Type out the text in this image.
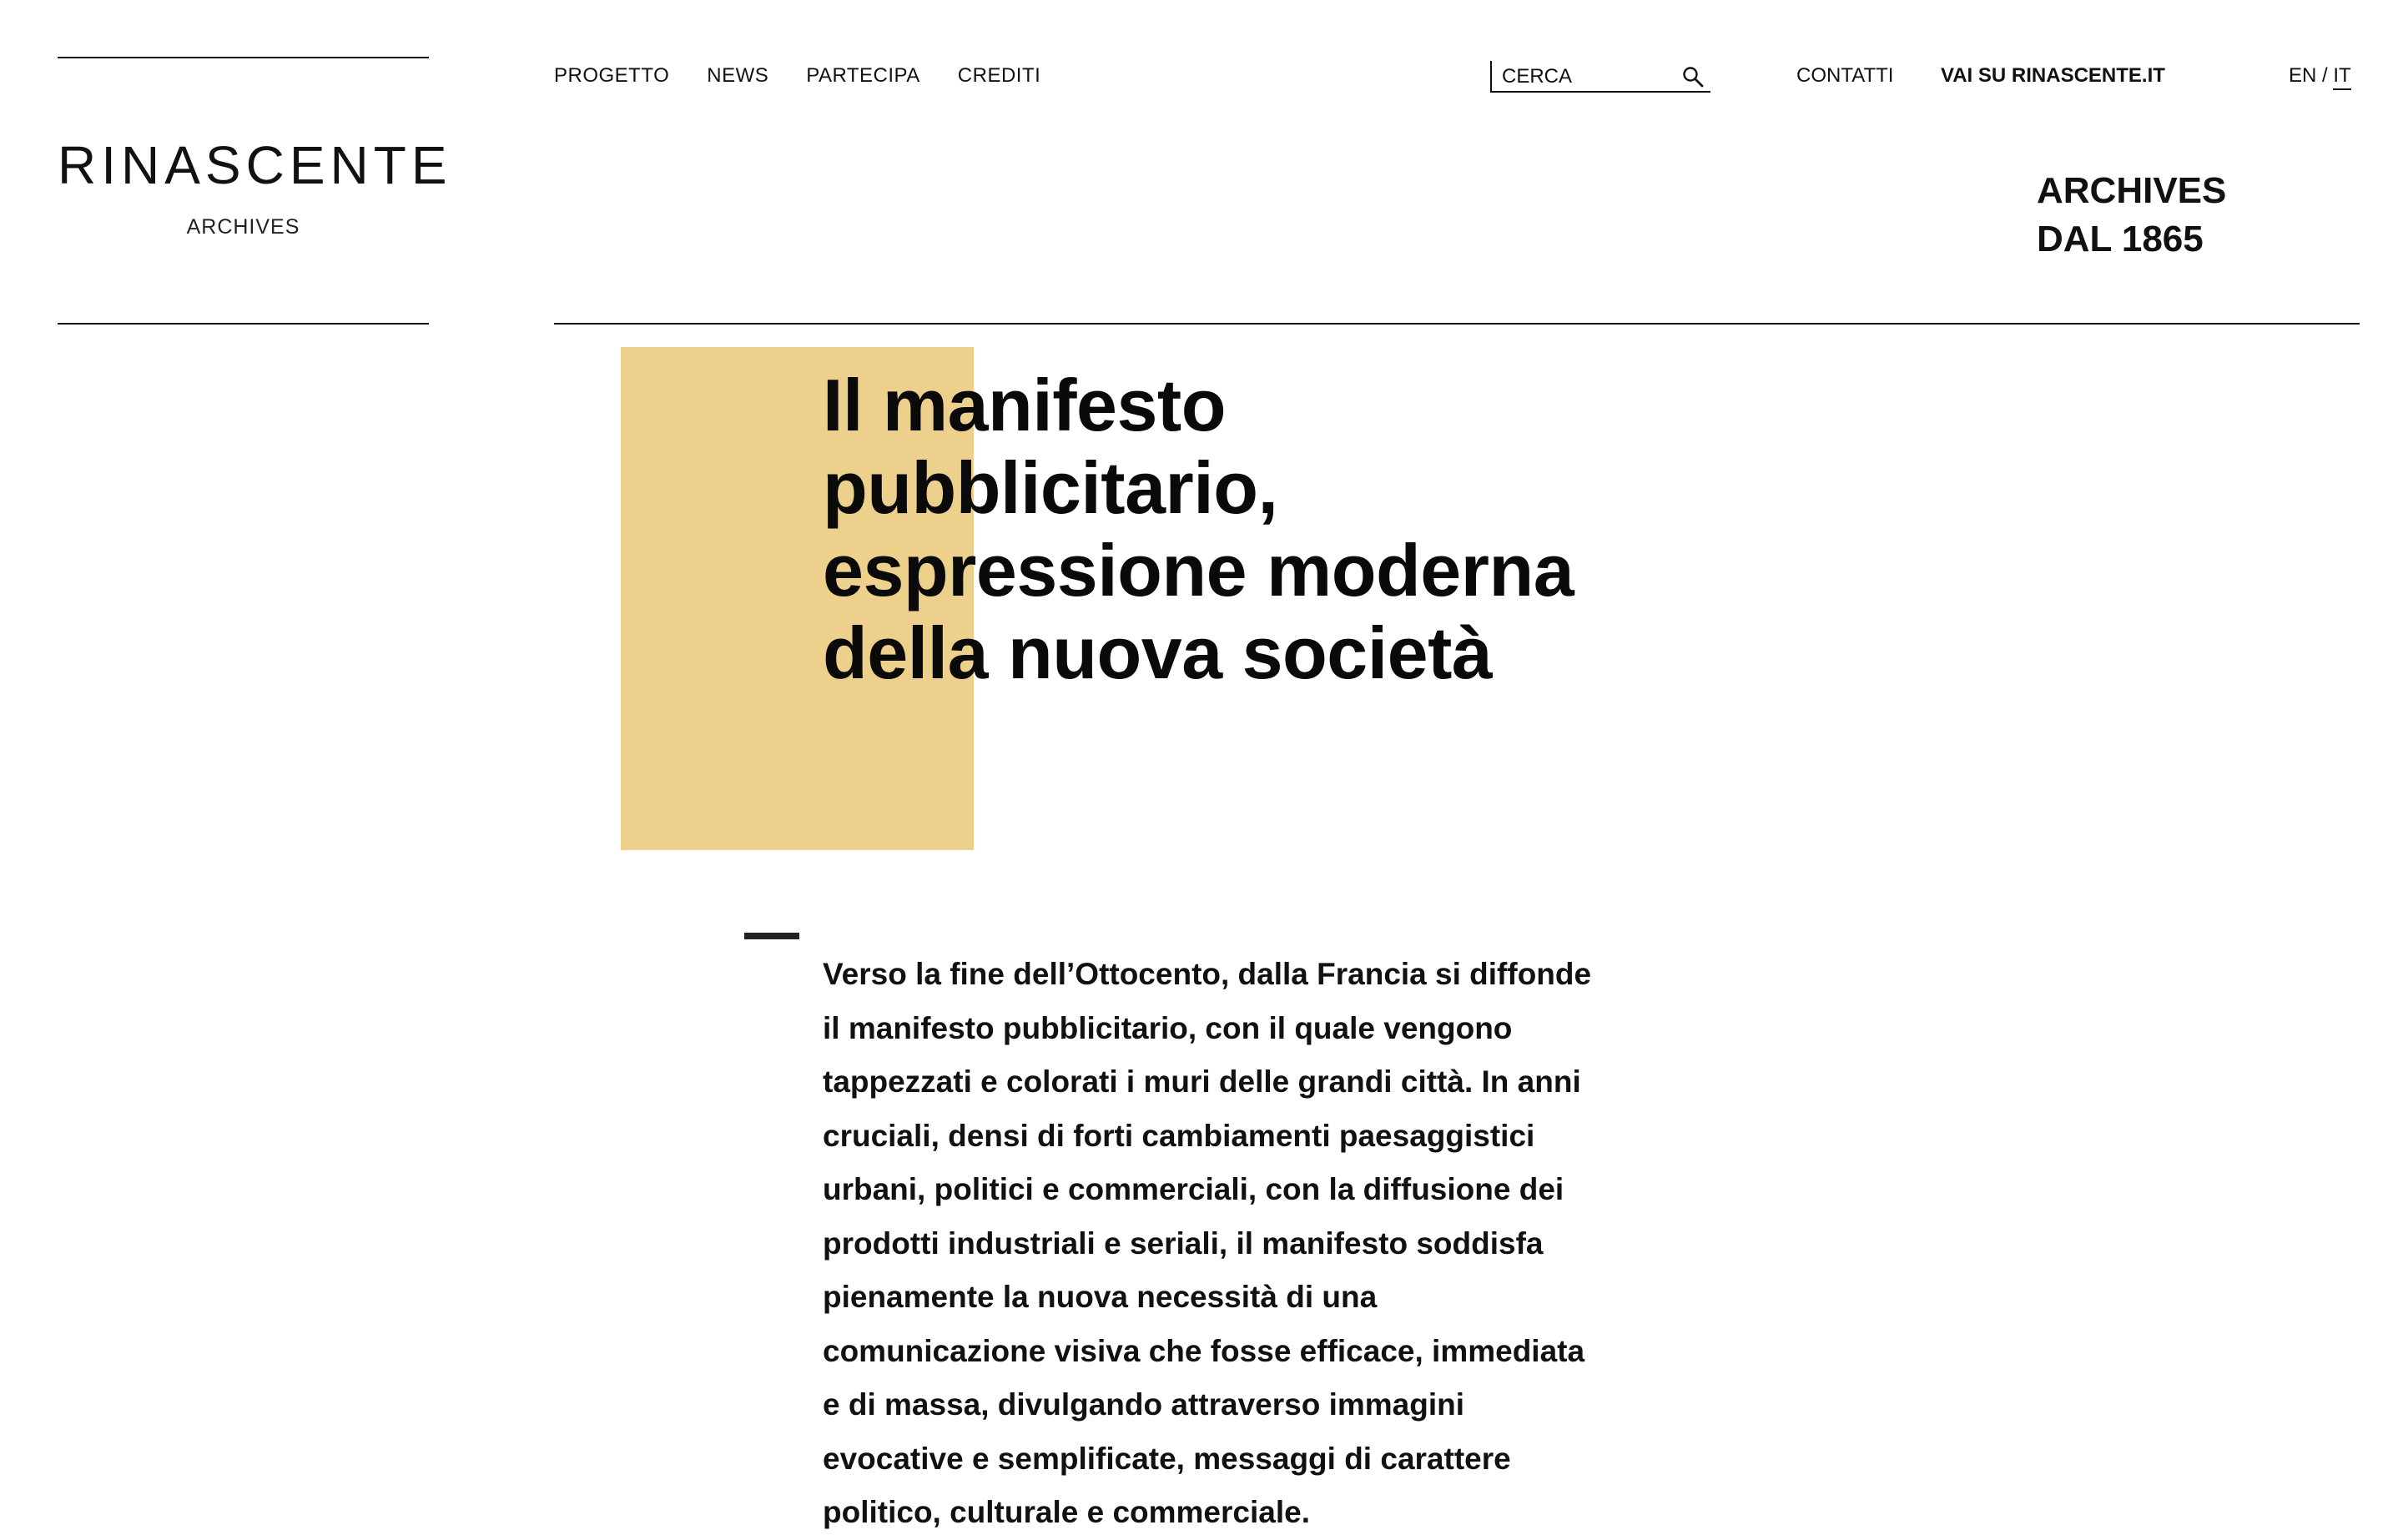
RINASCENTE
ARCHIVES
PROGETTO NEWS PARTECIPA CREDITI
CERCA	CONTATTI VAI SU RINASCENTE.IT	EN / IT
ARCHIVES
DAL 1865
Il manifesto pubblicitario, espressione moderna della nuova società

Verso la fine dell’Ottocento, dalla Francia si diffonde il manifesto pubblicitario, con il quale vengono tappezzati e colorati i muri delle grandi città. In anni cruciali, densi di forti cambiamenti paesaggistici urbani, politici e commerciali, con la diffusione dei prodotti industriali e seriali, il manifesto soddisfa pienamente la nuova necessità di una comunicazione visiva che fosse efficace, immediata e di massa, divulgando attraverso immagini evocative e semplificate, messaggi di carattere politico, culturale e commerciale.
